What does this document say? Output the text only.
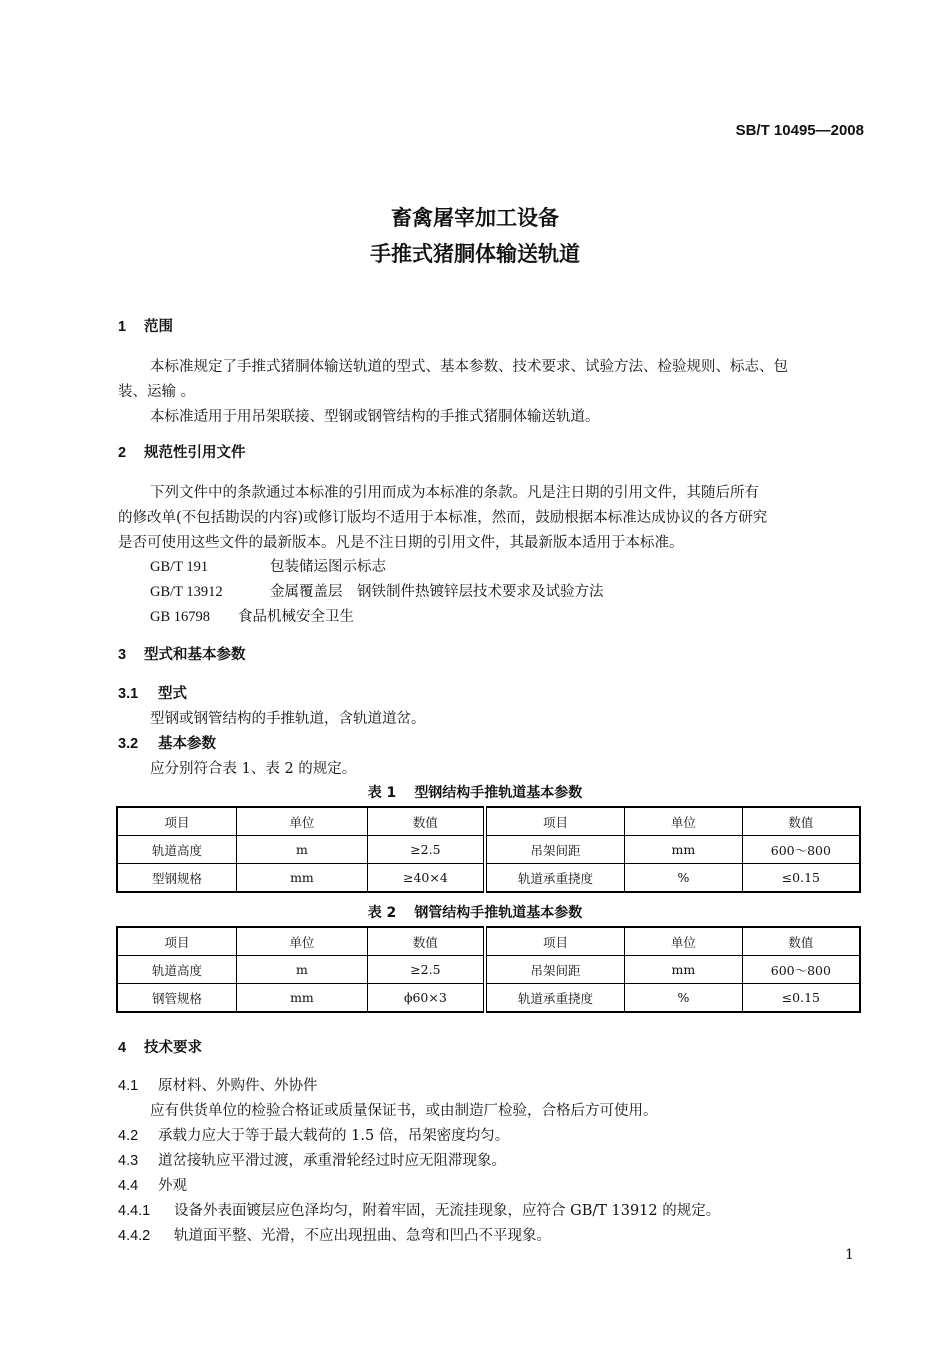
SB/T 10495—2008
畜禽屠宰加工设备
手推式猪胴体输送轨道
1 范围
本标准规定了手推式猪胴体输送轨道的型式、基本参数、技术要求、试验方法、检验规则、标志、包
装、运输 。
本标准适用于用吊架联接、型钢或钢管结构的手推式猪胴体输送轨道。
2 规范性引用文件
下列文件中的条款通过本标准的引用而成为本标准的条款。凡是注日期的引用文件，其随后所有
的修改单(不包括勘误的内容)或修订版均不适用于本标准，然而，鼓励根据本标准达成协议的各方研究
是否可使用这些文件的最新版本。凡是不注日期的引用文件，其最新版本适用于本标准。
GB/T 191	包装储运图示标志
GB/T 13912	金属覆盖层　钢铁制件热镀锌层技术要求及试验方法
GB 16798 食品机械安全卫生
3 型式和基本参数
3.1 型式
型钢或钢管结构的手推轨道，含轨道道岔。
3.2 基本参数
应分别符合表 1、表 2 的规定。
表 1 型钢结构手推轨道基本参数
项目	单位	数值	项目	单位	数值
轨道高度	m	≥2.5	吊架间距	mm	600～800
型钢规格	mm	≥40×4	轨道承重挠度	%	≤0.15
表 2 钢管结构手推轨道基本参数
项目	单位	数值	项目	单位	数值
轨道高度	m	≥2.5	吊架间距	mm	600～800
钢管规格	mm	ϕ60×3	轨道承重挠度	%	≤0.15
4 技术要求
4.1 原材料、外购件、外协件
应有供货单位的检验合格证或质量保证书，或由制造厂检验，合格后方可使用。
4.2 承载力应大于等于最大载荷的 1.5 倍，吊架密度均匀。
4.3 道岔接轨应平滑过渡，承重滑轮经过时应无阻滞现象。
4.4 外观
4.4.1 设备外表面镀层应色泽均匀，附着牢固，无流挂现象，应符合 GB/T 13912 的规定。
4.4.2 轨道面平整、光滑，不应出现扭曲、急弯和凹凸不平现象。
1
